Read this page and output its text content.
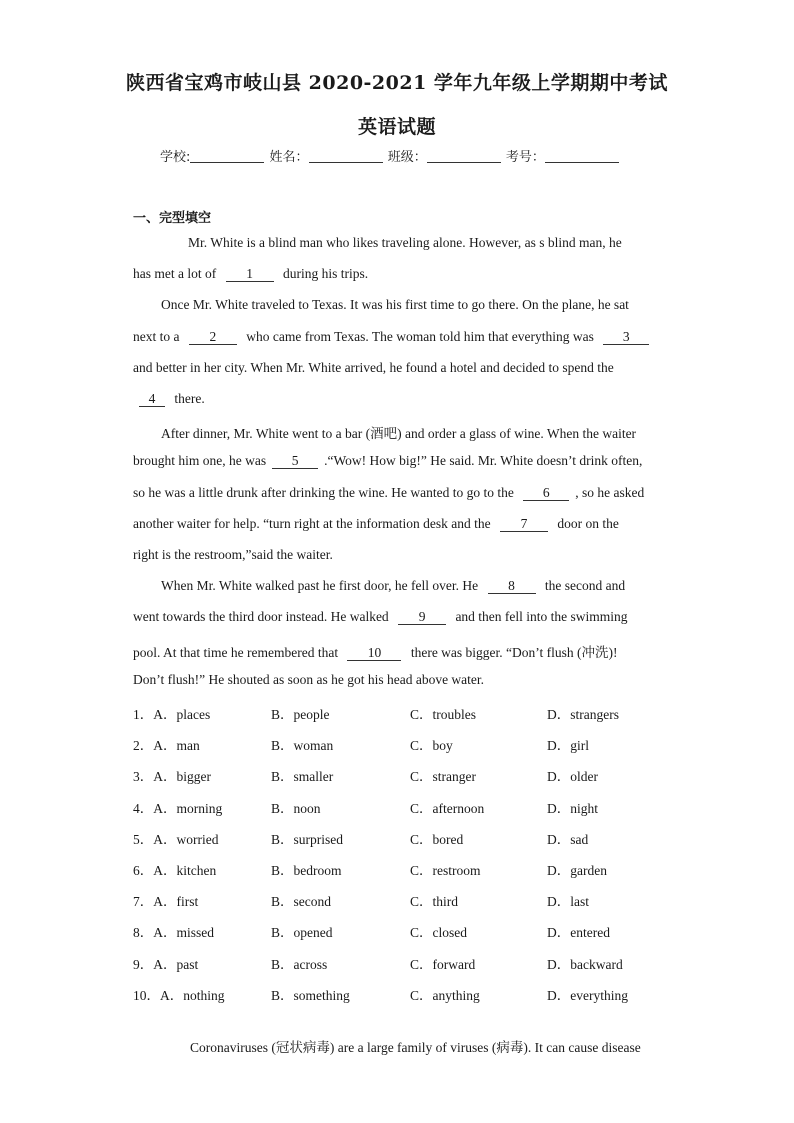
陕西省宝鸡市岐山县 2020-2021 学年九年级上学期期中考试
英语试题
学校:	姓名：	班级：	考号：
一、完型填空
Mr. White is a blind man who likes traveling alone. However, as s blind man, he
has met a lot of 1 during his trips.
Once Mr. White traveled to Texas. It was his first time to go there. On the plane, he sat
next to a 2 who came from Texas. The woman told him that everything was 3
and better in her city. When Mr. White arrived, he found a hotel and decided to spend the
4 there.
After dinner, Mr. White went to a bar (酒吧) and order a glass of wine. When the waiter
brought him one, he was 5 .“Wow! How big!” He said. Mr. White doesn’t drink often,
so he was a little drunk after drinking the wine. He wanted to go to the 6 , so he asked
another waiter for help. “turn right at the information desk and the 7 door on the
right is the restroom,”said the waiter.
When Mr. White walked past he first door, he fell over. He 8 the second and
went towards the third door instead. He walked 9 and then fell into the swimming
pool. At that time he remembered that 10 there was bigger. “Don’t flush (冲洗)!
Don’t flush!” He shouted as soon as he got his head above water.
1．A．places	B．people	C．troubles	D．strangers
2．A．man	B．woman	C．boy	D．girl
3．A．bigger	B．smaller	C．stranger	D．older
4．A．morning	B．noon	C．afternoon	D．night
5．A．worried	B．surprised	C．bored	D．sad
6．A．kitchen	B．bedroom	C．restroom	D．garden
7．A．first	B．second	C．third	D．last
8．A．missed	B．opened	C．closed	D．entered
9．A．past	B．across	C．forward	D．backward
10．A．nothing	B．something	C．anything	D．everything
Coronaviruses (冠状病毒) are a large family of viruses (病毒). It can cause disease
